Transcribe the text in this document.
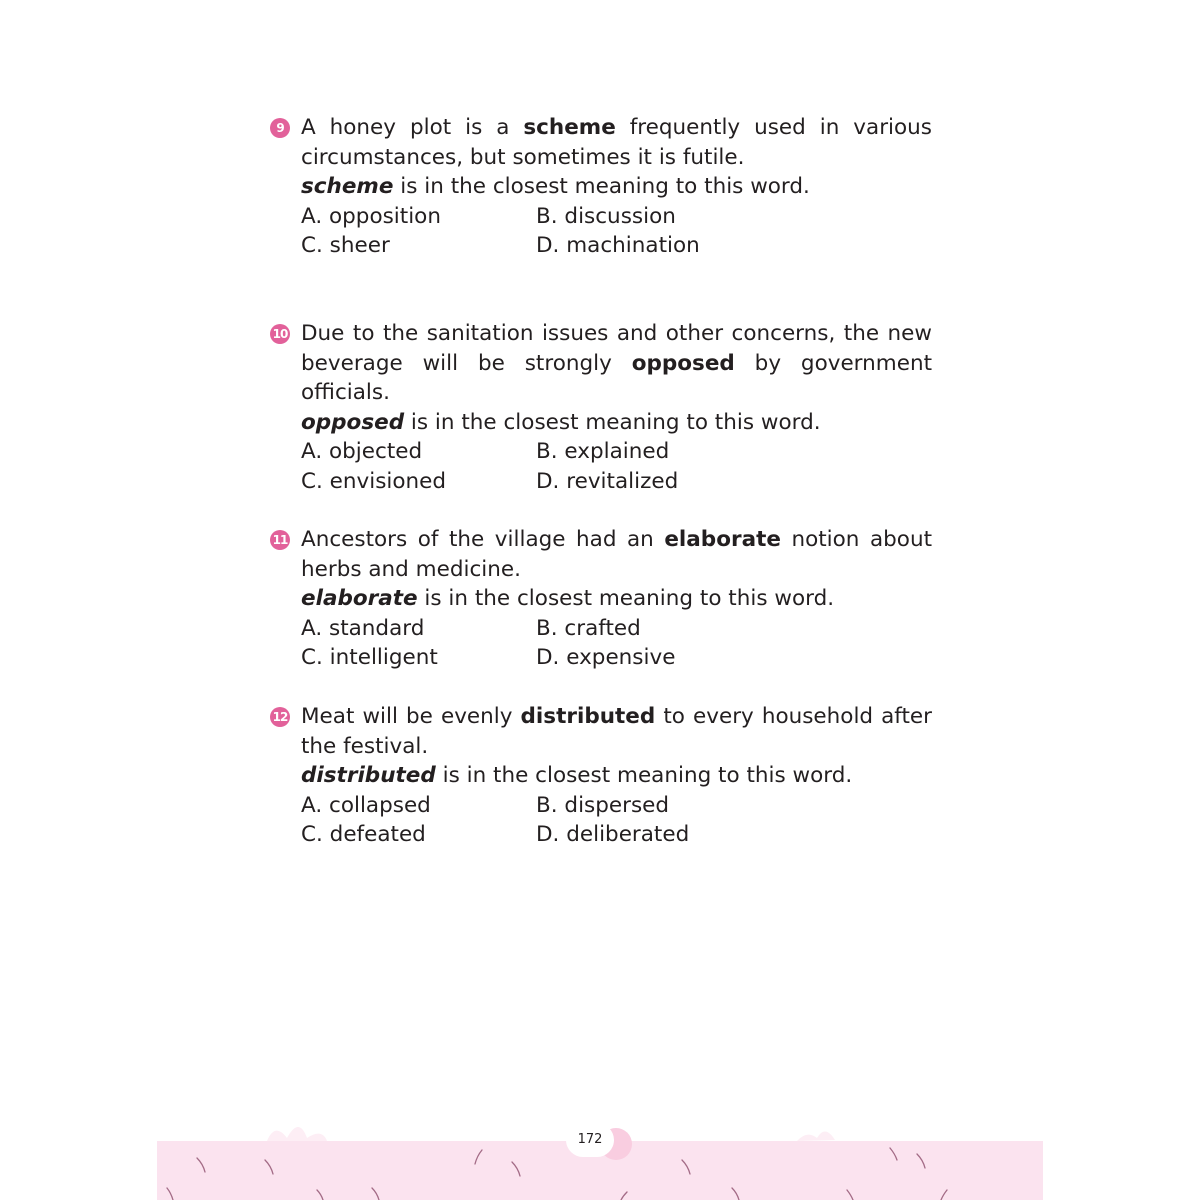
9 A honey plot is a scheme frequently used in various circumstances, but sometimes it is futile.
scheme is in the closest meaning to this word.
A. opposition	B. discussion
C. sheer	D. machination
10 Due to the sanitation issues and other concerns, the new beverage will be strongly opposed by government officials.
opposed is in the closest meaning to this word.
A. objected	B. explained
C. envisioned	D. revitalized
11 Ancestors of the village had an elaborate notion about herbs and medicine.
elaborate is in the closest meaning to this word.
A. standard	B. crafted
C. intelligent	D. expensive
12 Meat will be evenly distributed to every household after the festival.
distributed is in the closest meaning to this word.
A. collapsed	B. dispersed
C. defeated	D. deliberated
172
